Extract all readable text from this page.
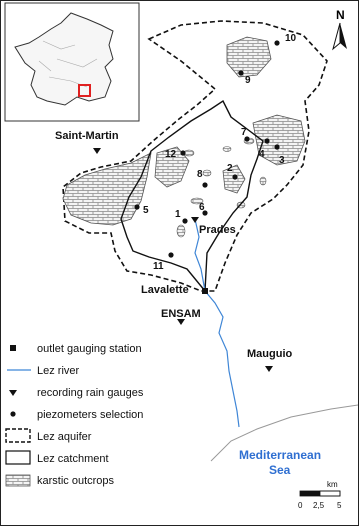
N
1
2
3
4
5	6
7
8
9
10
11
12
Saint-Martin
Prades
Lavalette
ENSAM
Mauguio
Mediterranean
Sea
outlet gauging station
Lez river
recording rain gauges
piezometers selection
Lez aquifer
Lez catchment
karstic outcrops	km
0 2,5 5
